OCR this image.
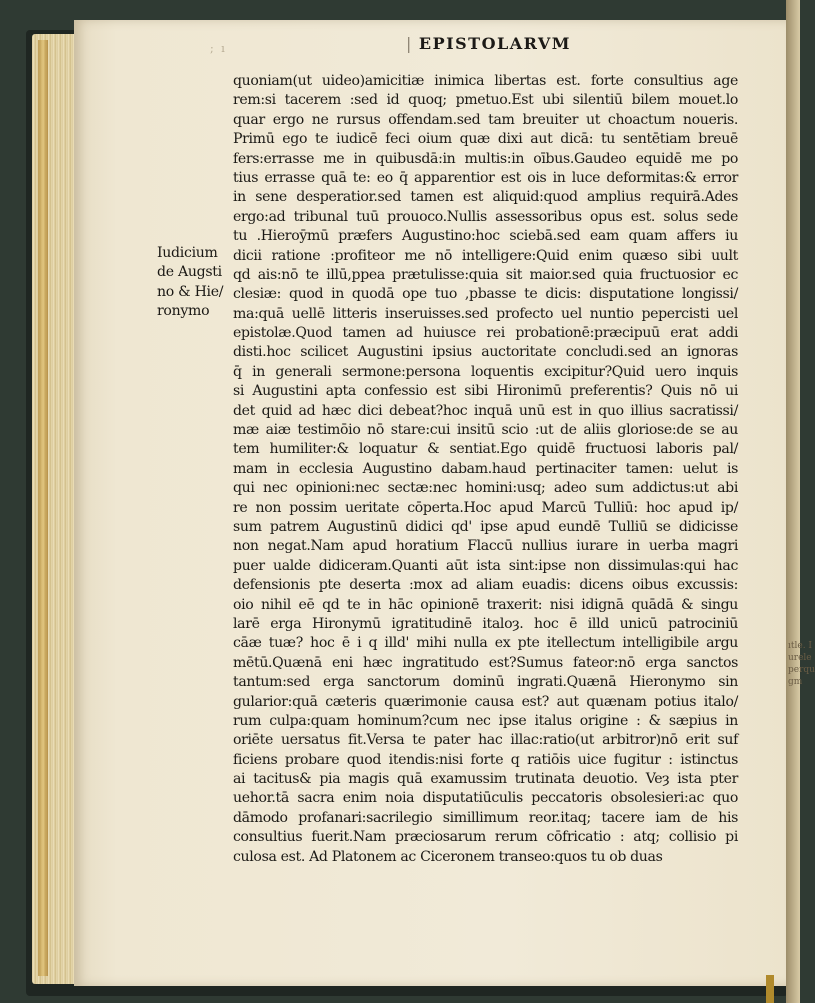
ıtle. I
urele
perqu
gm
; ı	| EPISTOLARVM
Iudicium
de Augsti
no & Hie/
ronymo
quoniam(ut uideo)amicitiæ inimica libertas est. forte consultius age
rem:si tacerem :sed id quoq; pmetuo.Est ubi silentiū bilem mouet.lo
quar ergo ne rursus offendam.sed tam breuiter ut choactum noueris.
Primū ego te iudicē feci oium quæ dixi aut dicā: tu sentētiam breuē
fers:errasse me in quibusdā:in multis:in oībus.Gaudeo equidē me po
tius errasse quā te: eo q̄ apparentior est ois in luce deformitas:& error
in sene desperatior.sed tamen est aliquid:quod amplius requirā.Ades
ergo:ad tribunal tuū prouoco.Nullis assessoribus opus est. solus sede
tu .Hieroȳmū præfers Augustino:hoc sciebā.sed eam quam affers iu
dicii ratione :profiteor me nō intelligere:Quid enim quæso sibi uult
qd ais:nō te illū,ppea prætulisse:quia sit maior.sed quia fructuosior ec
clesiæ: quod in quodā ope tuo ,pbasse te dicis: disputatione longissi/
ma:quā uellē litteris inseruisses.sed profecto uel nuntio pepercisti uel
epistolæ.Quod tamen ad huiusce rei probationē:præcipuū erat addi
disti.hoc scilicet Augustini ipsius auctoritate concludi.sed an ignoras
q̄ in generali sermone:persona loquentis excipitur?Quid uero inquis
si Augustini apta confessio est sibi Hironimū preferentis? Quis nō ui
det quid ad hæc dici debeat?hoc inquā unū est in quo illius sacratissi/
mæ aiæ testimōio nō stare:cui insitū scio :ut de aliis gloriose:de se au
tem humiliter:& loquatur & sentiat.Ego quidē fructuosi laboris pal/
mam in ecclesia Augustino dabam.haud pertinaciter tamen: uelut is
qui nec opinioni:nec sectæ:nec homini:usq; adeo sum addictus:ut abi
re non possim ueritate cōperta.Hoc apud Marcū Tulliū: hoc apud ip/
sum patrem Augustinū didici qd' ipse apud eundē Tulliū se didicisse
non negat.Nam apud horatium Flaccū nullius iurare in uerba magri
puer ualde didiceram.Quanti aūt ista sint:ipse non dissimulas:qui hac
defensionis pte deserta :mox ad aliam euadis: dicens oibus excussis:
oio nihil eē qd te in hāc opinionē traxerit: nisi idignā quādā & singu
larē erga Hironymū igratitudinē italoȝ. hoc ē illd unicū patrociniū
cāæ tuæ? hoc ē i q illd' mihi nulla ex pte itellectum intelligibile argu
mētū.Quænā eni hæc ingratitudo est?Sumus fateor:nō erga sanctos
tantum:sed erga sanctorum dominū ingrati.Quænā Hieronymo sin
gularior:quā cæteris quærimonie causa est? aut quænam potius italo/
rum culpa:quam hominum?cum nec ipse italus origine : & sæpius in
oriēte uersatus fit.Versa te pater hac illac:ratio(ut arbitror)nō erit suf
ficiens probare quod itendis:nisi forte q ratiōis uice fugitur : istinctus
ai tacitus& pia magis quā examussim trutinata deuotio. Veȝ ista pter
uehor.tā sacra enim noia disputatiūculis peccatoris obsolesieri:ac quo
dāmodo profanari:sacrilegio simillimum reor.itaq; tacere iam de his
consultius fuerit.Nam præciosarum rerum cōfricatio : atq; collisio pi
culosa est. Ad Platonem ac Ciceronem transeo:quos tu ob duas
